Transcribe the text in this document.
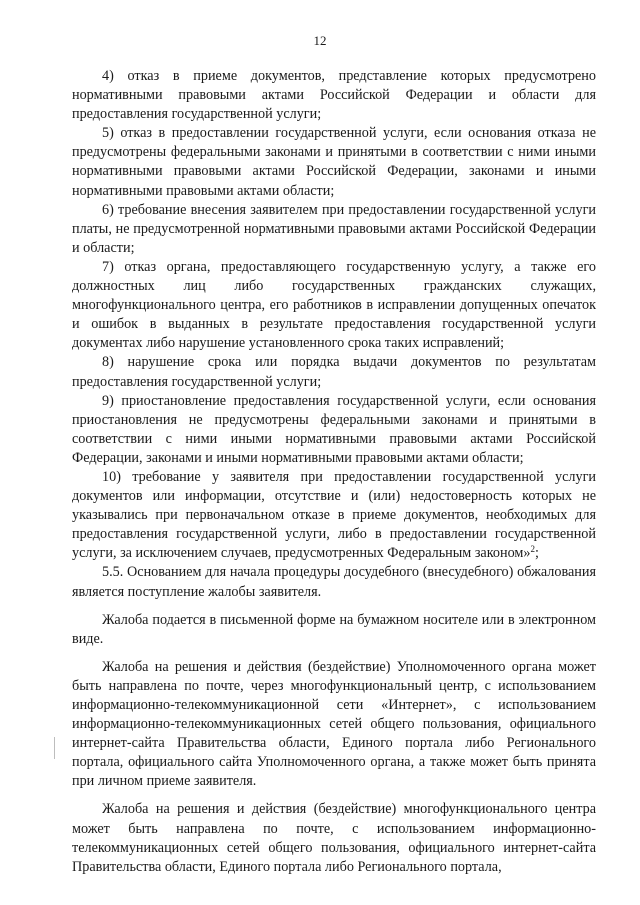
12

4) отказ в приеме документов, представление которых предусмотрено нормативными правовыми актами Российской Федерации и области для предоставления государственной услуги;

5) отказ в предоставлении государственной услуги, если основания отказа не предусмотрены федеральными законами и принятыми в соответствии с ними иными нормативными правовыми актами Российской Федерации, законами и иными нормативными правовыми актами области;

6) требование внесения заявителем при предоставлении государственной услуги платы, не предусмотренной нормативными правовыми актами Российской Федерации и области;

7) отказ органа, предоставляющего государственную услугу, а также его должностных лиц либо государственных гражданских служащих, многофункционального центра, его работников в исправлении допущенных опечаток и ошибок в выданных в результате предоставления государственной услуги документах либо нарушение установленного срока таких исправлений;

8) нарушение срока или порядка выдачи документов по результатам предоставления государственной услуги;

9) приостановление предоставления государственной услуги, если основания приостановления не предусмотрены федеральными законами и принятыми в соответствии с ними иными нормативными правовыми актами Российской Федерации, законами и иными нормативными правовыми актами области;

10) требование у заявителя при предоставлении государственной услуги документов или информации, отсутствие и (или) недостоверность которых не указывались при первоначальном отказе в приеме документов, необходимых для предоставления государственной услуги, либо в предоставлении государственной услуги, за исключением случаев, предусмотренных Федеральным законом»$^2$;

5.5. Основанием для начала процедуры досудебного (внесудебного) обжалования является поступление жалобы заявителя.

Жалоба подается в письменной форме на бумажном носителе или в электронном виде.

Жалоба на решения и действия (бездействие) Уполномоченного органа может быть направлена по почте, через многофункциональный центр, с использованием информационно-телекоммуникационной сети «Интернет», с использованием информационно-телекоммуникационных сетей общего пользования, официального интернет-сайта Правительства области, Единого портала либо Регионального портала, официального сайта Уполномоченного органа, а также может быть принята при личном приеме заявителя.

Жалоба на решения и действия (бездействие) многофункционального центра может быть направлена по почте, с использованием информационно-телекоммуникационных сетей общего пользования, официального интернет-сайта Правительства области, Единого портала либо Регионального портала,
